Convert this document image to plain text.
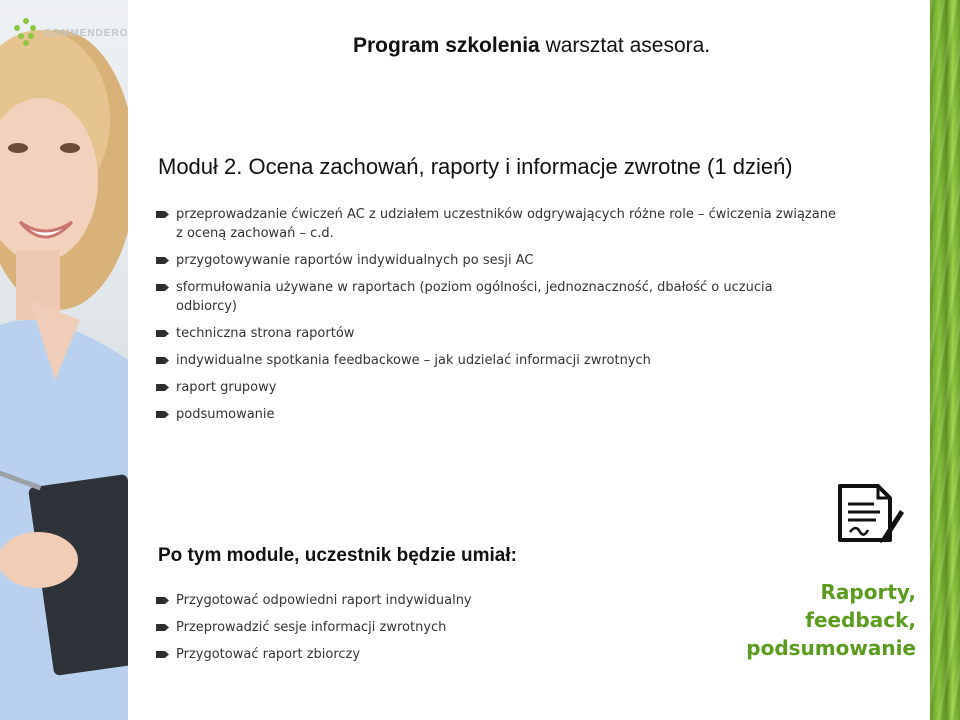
COMMENDERO
Program szkolenia warsztat asesora.
Moduł 2. Ocena zachowań, raporty i informacje zwrotne (1 dzień)
przeprowadzanie ćwiczeń AC z udziałem uczestników odgrywających różne role – ćwiczenia związane z oceną zachowań – c.d.
przygotowywanie raportów indywidualnych po sesji AC
sformułowania używane w raportach (poziom ogólności, jednoznaczność, dbałość o uczucia odbiorcy)
techniczna strona raportów
indywidualne spotkania feedbackowe – jak udzielać informacji zwrotnych
raport grupowy
podsumowanie
Po tym module, uczestnik będzie umiał:
Przygotować odpowiedni raport indywidualny
Przeprowadzić sesje informacji zwrotnych
Przygotować raport zbiorczy
Raporty,
feedback,
podsumowanie
